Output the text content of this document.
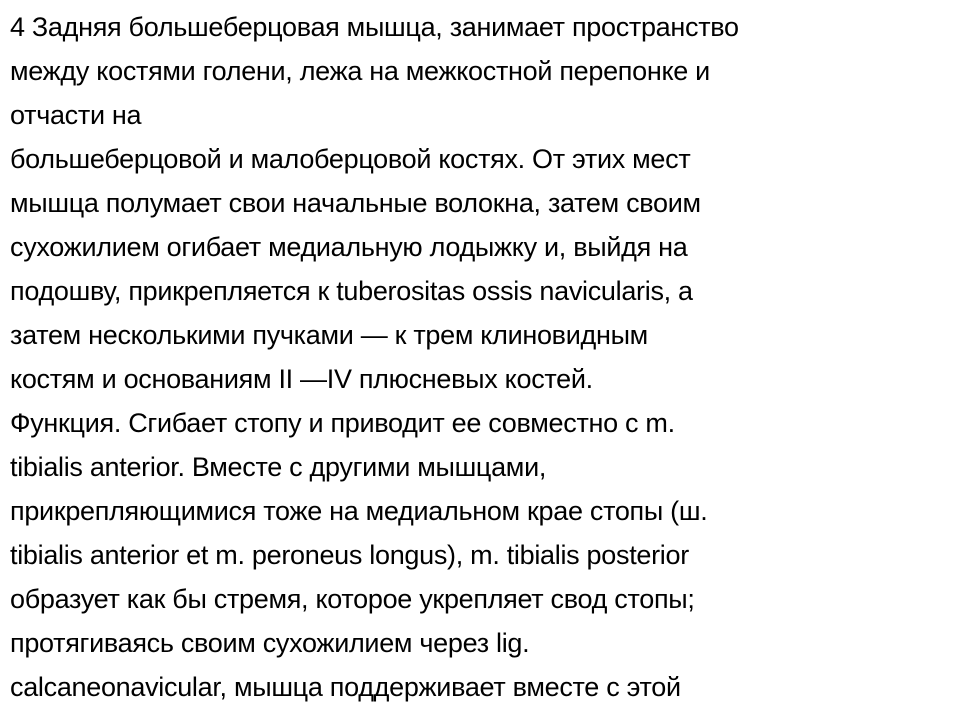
4 Задняя большеберцовая мышца, занимает пространство
между костями голени, лежа на межкостной перепонке и
отчасти на
большеберцовой и малоберцовой костях. От этих мест
мышца полумает свои начальные волокна, затем своим
сухожилием огибает медиальную лодыжку и, выйдя на
подошву, прикрепляется к tuberositas ossis navicularis, а
затем несколькими пучками — к трем клиновидным
костям и основаниям II —IV плюсневых костей.
Функция. Сгибает стопу и приводит ее совместно с m.
tibialis anterior. Вместе с другими мышцами,
прикрепляющимися тоже на медиальном крае стопы (ш.
tibialis anterior et m. peroneus longus), m. tibialis posterior
образует как бы стремя, которое укрепляет свод стопы;
протягиваясь своим сухожилием через lig.
calcaneonavicular, мышца поддерживает вместе с этой
